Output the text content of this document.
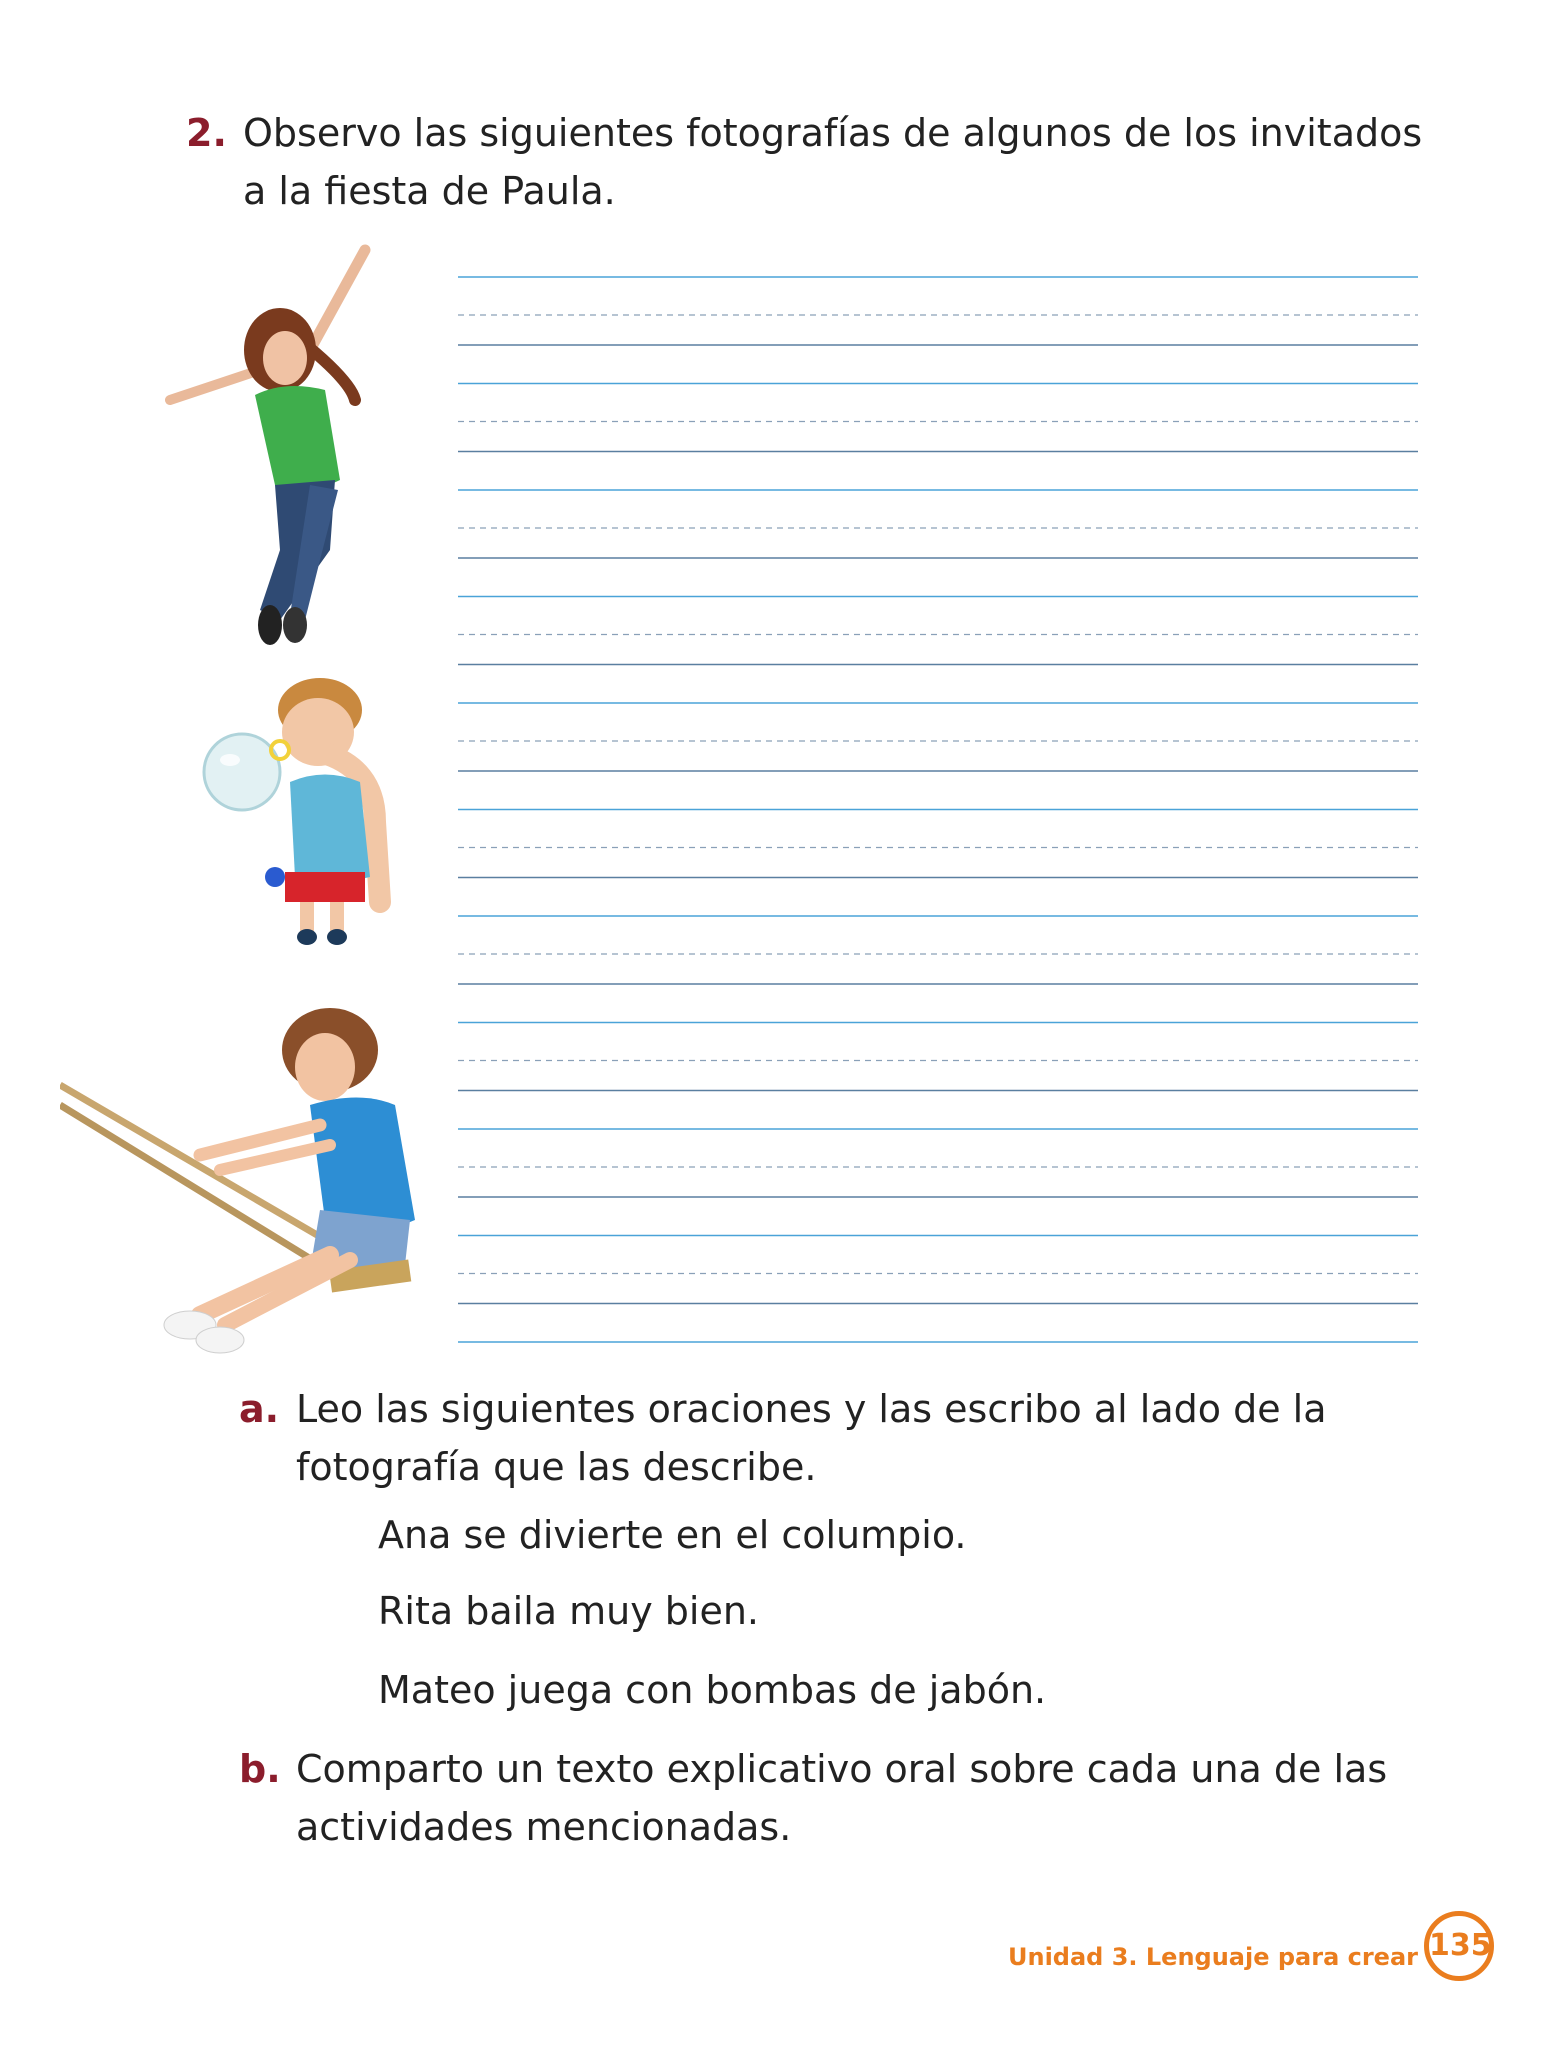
2. Observo las siguientes fotografías de algunos de los invitados a la fiesta de Paula.
a. Leo las siguientes oraciones y las escribo al lado de la fotografía que las describe.
Ana se divierte en el columpio.
Rita baila muy bien.
Mateo juega con bombas de jabón.
b. Comparto un texto explicativo oral sobre cada una de las actividades mencionadas.
Unidad 3. Lenguaje para crear 135
